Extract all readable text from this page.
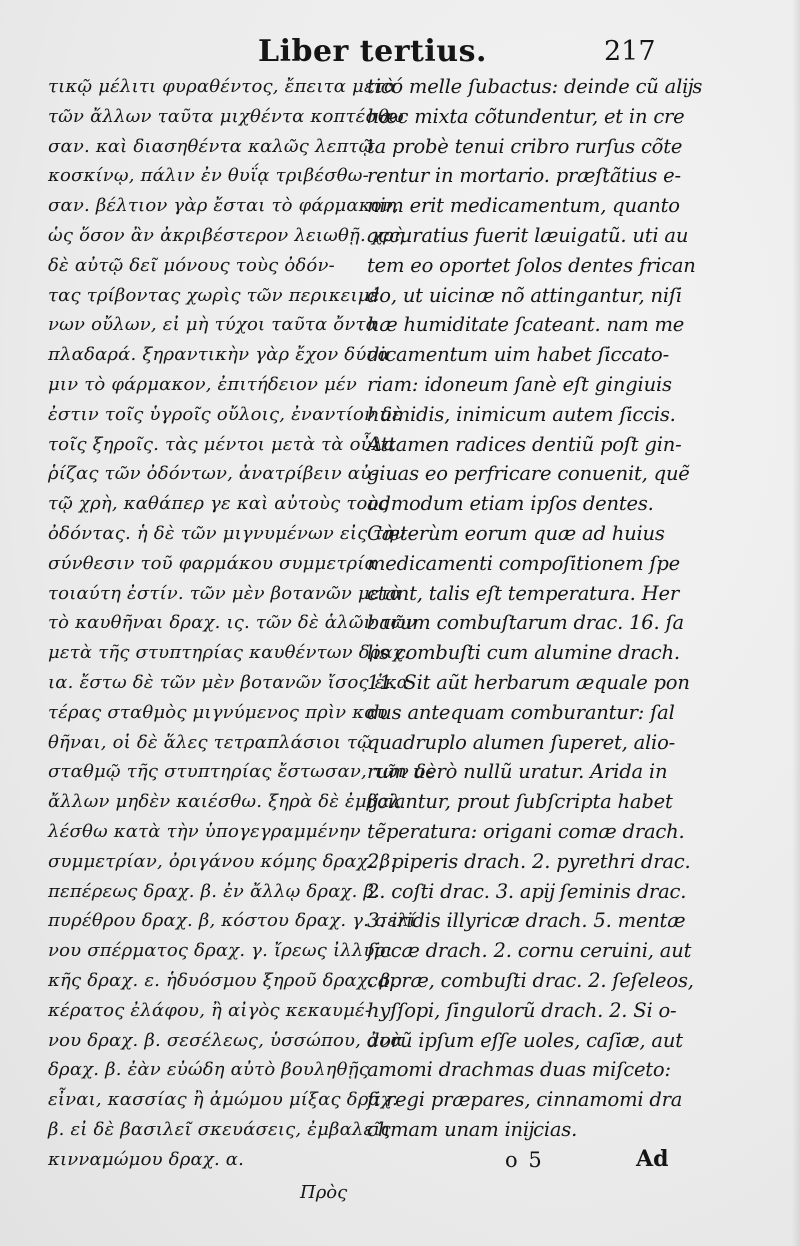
Liber tertius.	217
τικῷ μέλιτι φυραθέντος, ἔπειτα μετὰ
τῶν ἄλλων ταῦτα μιχθέντα κοπτέσθω
σαν. καὶ διασηθέντα καλῶς λεπτῷ
κοσκίνῳ, πάλιν ἐν θυΐᾳ τριβέσθω-
σαν. βέλτιον γὰρ ἔσται τὸ φάρμακον,
ὡς ὅσον ἂν ἀκριβέστερον λειωθῇ. χρὴ
δὲ αὐτῷ δεῖ μόνους τοὺς ὀδόν-
τας τρίβοντας χωρὶς τῶν περικειμέ
νων οὔλων, εἰ μὴ τύχοι ταῦτα ὄντα
πλαδαρά. ξηραντικὴν γὰρ ἔχον δύνα
μιν τὸ φάρμακον, ἐπιτήδειον μέν
ἐστιν τοῖς ὑγροῖς οὔλοις, ἐναντίον δὲ
τοῖς ξηροῖς. τὰς μέντοι μετὰ τὰ οὖλα
ῥίζας τῶν ὀδόντων, ἀνατρίβειν αὐ-
τῷ χρὴ, καθάπερ γε καὶ αὐτοὺς τοὺς
ὀδόντας. ἡ δὲ τῶν μιγνυμένων εἰς τὴν
σύνθεσιν τοῦ φαρμάκου συμμετρία
τοιαύτη ἐστίν. τῶν μὲν βοτανῶν μετὰ
τὸ καυθῆναι δραχ. ις. τῶν δὲ ἁλῶν τῶν
μετὰ τῆς στυπτηρίας καυθέντων δραχ.
ια. ἔστω δὲ τῶν μὲν βοτανῶν ἴσος ἑκα
τέρας σταθμὸς μιγνύμενος πρὶν καυ
θῆναι, οἱ δὲ ἅλες τετραπλάσιοι τῷ
σταθμῷ τῆς στυπτηρίας ἔστωσαν, τῶν δὲ
ἄλλων μηδὲν καιέσθω. ξηρὰ δὲ ἐμβαλ
λέσθω κατὰ τὴν ὑπογεγραμμένην
συμμετρίαν, ὀριγάνου κόμης δραχ. β.
πεπέρεως δραχ. β. ἐν ἄλλῳ δραχ. β.
πυρέθρου δραχ. β, κόστου δραχ. γ. σελί
νου σπέρματος δραχ. γ. ἴρεως ἰλλυρι
κῆς δραχ. ε. ἡδυόσμου ξηροῦ δραχ. β.
κέρατος ἐλάφου, ἢ αἰγὸς κεκαυμέ-
νου δραχ. β. σεσέλεως, ὑσσώπου, ἀνὰ
δραχ. β. ἐὰν εὐώδη αὐτὸ βουληθῇς
εἶναι, κασσίας ἢ ἀμώμου μίξας δραχ.
β. εἰ δὲ βασιλεῖ σκευάσεις, ἐμβαλεῖς
κινναμώμου δραχ. α.
ticó melle ſubactus: deinde cũ alĳs
hæc mixta cõtundentur, et in cre
ta probè tenui cribro rurſus cõte
rentur in mortario. præſtãtius e-
nim erit medicamentum, quanto
accuratius fuerit læuigatũ. uti au
tem eo oportet ſolos dentes frican
do, ut uicinæ nõ attingantur, niſi
hæ humiditate ſcateant. nam me
dicamentum uim habet ſiccato-
riam: idoneum ſanè eſt gingiuis
humidis, inimicum autem ſiccis.
Attamen radices dentiũ poſt gin-
giuas eo perfricare conuenit, quẽ
admodum etiam ipſos dentes.
Cæterùm eorum quæ ad huius
medicamenti compoſitionem ſpe
ctant, talis eſt temperatura. Her
barum combuſtarum drac. 16. ſa
lis combuſti cum alumine drach.
11. Sit aũt herbarum æquale pon
dus antequam comburantur: ſal
quadruplo alumen ſuperet, alio-
rum uerò nullũ uratur. Arida in
ĳciantur, prout ſubſcripta habet
tẽperatura: origani comæ drach.
2. piperis drach. 2. pyrethri drac.
2. coſti drac. 3. apĳ ſeminis drac.
3. iridis illyricæ drach. 5. mentæ
ſiccæ drach. 2. cornu ceruini, aut
capræ, combuſti drac. 2. ſeſeleos,
hyſſopi, ſingulorũ drach. 2. Si o-
dorũ ipſum eſſe uoles, caſiæ, aut
amomi drachmas duas miſceto:
ſi regi præpares, cinnamomi dra
chmam unam inĳcias.
o 5	Ad
Πρὸς
